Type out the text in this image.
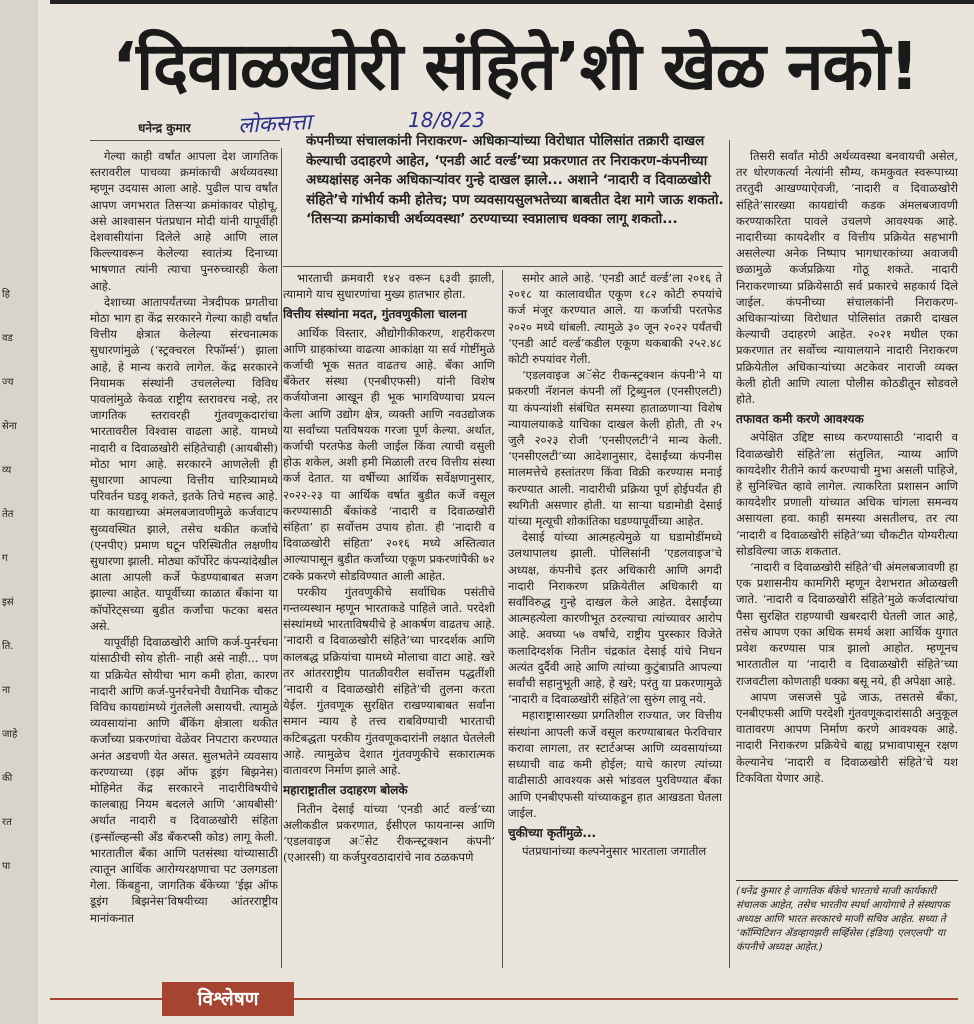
हि
वड
ज्य
सेना
व्य
तेत
ग
इसं
ति.
ना
जाहे
की
रत
पा
‘दिवाळखोरी संहिते’शी खेळ नको!
धनेन्द्र कुमार लोकसत्ता	18/8/23
कंपनीच्या संचालकांनी निराकरण- अधिकाऱ्यांच्या विरोधात पोलिसांत तक्रारी दाखल केल्याची उदाहरणे आहेत, ‘एनडी आर्ट वर्ल्ड’च्या प्रकरणात तर निराकरण-कंपनीच्या अध्यक्षांसह अनेक अधिकाऱ्यांवर गुन्हे दाखल झाले... अशाने ‘नादारी व दिवाळखोरी संहिते’चे गांभीर्य कमी होतेच; पण व्यवसायसुलभतेच्या बाबतीत देश मागे जाऊ शकतो. ‘तिसऱ्या क्रमांकाची अर्थव्यवस्था’ ठरण्याच्या स्वप्नालाच धक्का लागू शकतो...

गेल्या काही वर्षांत आपला देश जागतिक स्तरावरील पाचव्या क्रमांकाची अर्थव्यवस्था म्हणून उदयास आला आहे. पुढील पाच वर्षांत आपण जगभरात तिसऱ्या क्रमांकावर पोहोचू, असे आश्वासन पंतप्रधान मोदी यांनी यापूर्वीही देशवासीयांना दिलेले आहे आणि लाल किल्ल्यावरून केलेल्या स्वातंत्र्य दिनाच्या भाषणात त्यांनी त्याचा पुनरुच्चारही केला आहे.

देशाच्या आतापर्यंतच्या नेत्रदीपक प्रगतीचा मोठा भाग हा केंद्र सरकारने गेल्या काही वर्षांत वित्तीय क्षेत्रात केलेल्या संरचनात्मक सुधारणांमुळे (‘स्ट्रक्चरल रिफॉर्म्स’) झाला आहे, हे मान्य करावे लागेल. केंद्र सरकारने नियामक संस्थांनी उचललेल्या विविध पावलांमुळे केवळ राष्ट्रीय स्तरावरच नव्हे, तर जागतिक स्तरावरही गुंतवणूकदारांचा भारतावरील विश्वास वाढला आहे. यामध्ये नादारी व दिवाळखोरी संहितेचाही (आयबीसी) मोठा भाग आहे. सरकारने आणलेली ही सुधारणा आपल्या वित्तीय चारित्र्यामध्ये परिवर्तन घडवू शकते, इतके तिचे महत्त्व आहे. या कायद्याच्या अंमलबजावणीमुळे कर्जवाटप सुव्यवस्थित झाले, तसेच थकीत कर्जांचे (एनपीए) प्रमाण घटून परिस्थितीत लक्षणीय सुधारणा झाली. मोठ्या कॉर्पोरेट कंपन्यांदेखील आता आपली कर्जे फेडण्याबाबत सजग झाल्या आहेत. यापूर्वीच्या काळात बँकांना या कॉर्पोरेट्सच्या बुडीत कर्जांचा फटका बसत असे.

यापूर्वीही दिवाळखोरी आणि कर्ज-पुनर्रचना यांसाठीची सोय होती- नाही असे नाही... पण या प्रक्रियेत सोयीचा भाग कमी होता, कारण नादारी आणि कर्ज-पुनर्रचनेची वैधानिक चौकट विविध कायद्यांमध्ये गुंतलेली असायची. त्यामुळे व्यवसायांना आणि बँकिंग क्षेत्राला थकीत कर्जांच्या प्रकरणांचा वेळेवर निपटारा करण्यात अनंत अडचणी येत असत. सुलभतेने व्यवसाय करण्याच्या (इझ ऑफ डूइंग बिझनेस) मोहिमेत केंद्र सरकारने नादारीविषयीचे कालबाह्य नियम बदलले आणि ‘आयबीसी’ अर्थात नादारी व दिवाळखोरी संहिता (इन्सॉल्व्हन्सी अँड बँकरप्सी कोड) लागू केली. भारतातील बँका आणि पतसंस्था यांच्यासाठी त्यातून आर्थिक आरोग्यरक्षणाचा पट उलगडला गेला. किंबहुना, जागतिक बँकेच्या ‘ईझ ऑफ डूइंग बिझनेस’विषयीच्या आंतरराष्ट्रीय मानांकनात

भारताची क्रमवारी १४२ वरून ६३वी झाली, त्यामागे याच सुधारणांचा मुख्य हातभार होता.

वित्तीय संस्थांना मदत, गुंतवणुकीला चालना

आर्थिक विस्तार, औद्योगीकीकरण, शहरीकरण आणि ग्राहकांच्या वाढत्या आकांक्षा या सर्व गोष्टींमुळे कर्जाची भूक सतत वाढतच आहे. बँका आणि बँकेतर संस्था (एनबीएफसी) यांनी विशेष कर्जयोजना आखून ही भूक भागविण्याचा प्रयत्न केला आणि उद्योग क्षेत्र, व्यक्ती आणि नवउद्योजक या सर्वांच्या पतविषयक गरजा पूर्ण केल्या. अर्थात, कर्जाची परतफेड केली जाईल किंवा त्याची वसुली होऊ शकेल, अशी हमी मिळाली तरच वित्तीय संस्था कर्ज देतात. या वर्षीच्या आर्थिक सर्वेक्षणानुसार, २०२२-२३ या आर्थिक वर्षात बुडीत कर्जे वसूल करण्यासाठी बँकांकडे ‘नादारी व दिवाळखोरी संहिता’ हा सर्वोत्तम उपाय होता. ही ‘नादारी व दिवाळखोरी संहिता’ २०१६ मध्ये अस्तित्वात आल्यापासून बुडीत कर्जांच्या एकूण प्रकरणांपैकी ७२ टक्के प्रकरणे सोडविण्यात आली आहेत.

परकीय गुंतवणुकीचे सर्वाधिक पसंतीचे गन्तव्यस्थान म्हणून भारताकडे पाहिले जाते. परदेशी संस्थांमध्ये भारताविषयीचे हे आकर्षण वाढतच आहे. ‘नादारी व दिवाळखोरी संहिते’च्या पारदर्शक आणि कालबद्ध प्रक्रियांचा यामध्ये मोलाचा वाटा आहे. खरे तर आंतरराष्ट्रीय पातळीवरील सर्वोत्तम पद्धतींशी ‘नादारी व दिवाळखोरी संहिते’ची तुलना करता येईल. गुंतवणूक सुरक्षित राखण्याबाबत सर्वांना समान न्याय हे तत्त्व राबविण्याची भारताची कटिबद्धता परकीय गुंतवणूकदारांनी लक्षात घेतलेली आहे. त्यामुळेच देशात गुंतवणुकीचे सकारात्मक वातावरण निर्माण झाले आहे.

महाराष्ट्रातील उदाहरण बोलके

नितीन देसाई यांच्या ‘एनडी आर्ट वर्ल्ड’च्या अलीकडील प्रकरणात, ईसीएल फायनान्स आणि ‘एडलवाइज अॅसेट रीकन्स्ट्रक्शन कंपनी’ (एआरसी) या कर्जपुरवठादारांचे नाव ठळकपणे

समोर आले आहे. ‘एनडी आर्ट वर्ल्ड’ला २०१६ ते २०१८ या कालावधीत एकूण १८२ कोटी रुपयांचे कर्ज मंजूर करण्यात आले. या कर्जाची परतफेड २०२० मध्ये थांबली. त्यामुळे ३० जून २०२२ पर्यंतची ‘एनडी आर्ट वर्ल्ड’कडील एकूण थकबाकी २५२.४८ कोटी रुपयांवर गेली.

‘एडलवाइज अॅसेट रीकन्स्ट्रक्शन कंपनी’ने या प्रकरणी नॅशनल कंपनी लॉ ट्रिब्युनल (एनसीएलटी) या कंपन्यांशी संबंधित समस्या हाताळणाऱ्या विशेष न्यायालयाकडे याचिका दाखल केली होती, ती २५ जुलै २०२३ रोजी ‘एनसीएलटी’ने मान्य केली. ‘एनसीएलटी’च्या आदेशानुसार, देसाईंच्या कंपनीस मालमत्तेचे हस्तांतरण किंवा विक्री करण्यास मनाई करण्यात आली. नादारीची प्रक्रिया पूर्ण होईपर्यंत ही स्थगिती असणार होती. या साऱ्या घडामोडी देसाई यांच्या मृत्यूची शोकांतिका घडण्यापूर्वीच्या आहेत.

देसाई यांच्या आत्महत्येमुळे या घडामोडींमध्ये उलथापालथ झाली. पोलिसांनी ‘एडलवाइज’चे अध्यक्ष, कंपनीचे इतर अधिकारी आणि अगदी नादारी निराकरण प्रक्रियेतील अधिकारी या सर्वांविरुद्ध गुन्हे दाखल केले आहेत. देसाईंच्या आत्महत्येला कारणीभूत ठरल्याचा त्यांच्यावर आरोप आहे. अवघ्या ५७ वर्षांचे, राष्ट्रीय पुरस्कार विजेते कलादिग्दर्शक नितीन चंद्रकांत देसाई यांचे निधन अत्यंत दुर्दैवी आहे आणि त्यांच्या कुटुंबाप्रति आपल्या सर्वांची सहानुभूती आहे, हे खरे; परंतु या प्रकरणामुळे ‘नादारी व दिवाळखोरी संहिते’ला सुरुंग लावू नये.

महाराष्ट्रासारख्या प्रगतिशील राज्यात, जर वित्तीय संस्थांना आपली कर्जे वसूल करण्याबाबत फेरविचार करावा लागला, तर स्टार्टअप्स आणि व्यवसायांच्या सध्याची वाढ कमी होईल; याचे कारण त्यांच्या वाढीसाठी आवश्यक असे भांडवल पुरविण्यात बँका आणि एनबीएफसी यांच्याकडून हात आखडता घेतला जाईल.

चुकीच्या कृतींमुळे...

पंतप्रधानांच्या कल्पनेनुसार भारताला जगातील

तिसरी सर्वांत मोठी अर्थव्यवस्था बनवायची असेल, तर धोरणकर्त्या नेत्यांनी सौम्य, कमकुवत स्वरूपाच्या तरतुदी आखण्याऐवजी, ‘नादारी व दिवाळखोरी संहिते’सारख्या कायद्यांची कडक अंमलबजावणी करण्याकरिता पावले उचलणे आवश्यक आहे. नादारीच्या कायदेशीर व वित्तीय प्रक्रियेत सहभागी असलेल्या अनेक निष्पाप भागधारकांच्या अवाजवी छळामुळे कर्जप्रक्रिया गोठू शकते. नादारी निराकरणाच्या प्रक्रियेसाठी सर्व प्रकारचे सहकार्य दिले जाईल. कंपनीच्या संचालकांनी निराकरण- अधिकाऱ्यांच्या विरोधात पोलिसांत तक्रारी दाखल केल्याची उदाहरणे आहेत. २०२१ मधील एका प्रकरणात तर सर्वोच्च न्यायालयाने नादारी निराकरण प्रक्रियेतील अधिकाऱ्यांच्या अटकेवर नाराजी व्यक्त केली होती आणि त्याला पोलीस कोठडीतून सोडवले होते.

तफावत कमी करणे आवश्यक

अपेक्षित उद्दिष्ट साध्य करण्यासाठी ‘नादारी व दिवाळखोरी संहिते’ला संतुलित, न्याय्य आणि कायदेशीर रीतीने कार्य करण्याची मुभा असली पाहिजे, हे सुनिश्चित व्हावे लागेल. त्याकरिता प्रशासन आणि कायदेशीर प्रणाली यांच्यात अधिक चांगला समन्वय असायला हवा. काही समस्या असतीलच, तर त्या ‘नादारी व दिवाळखोरी संहिते’च्या चौकटीत योग्यरीत्या सोडविल्या जाऊ शकतात.

‘नादारी व दिवाळखोरी संहिते’ची अंमलबजावणी हा एक प्रशासनीय कामगिरी म्हणून देशभरात ओळखली जाते. ‘नादारी व दिवाळखोरी संहिते’मुळे कर्जदात्यांचा पैसा सुरक्षित राहण्याची खबरदारी घेतली जात आहे, तसेच आपण एका अधिक समर्थ अशा आर्थिक युगात प्रवेश करण्यास पात्र झालो आहोत. म्हणूनच भारतातील या ‘नादारी व दिवाळखोरी संहिते’च्या राजवटीला कोणताही धक्का बसू नये, ही अपेक्षा आहे.

आपण जसजसे पुढे जाऊ, तसतसे बँका, एनबीएफसी आणि परदेशी गुंतवणूकदारांसाठी अनुकूल वातावरण आपण निर्माण करणे आवश्यक आहे. नादारी निराकरण प्रक्रियेचे बाह्य प्रभावापासून रक्षण केल्यानेच ‘नादारी व दिवाळखोरी संहिते’चे यश टिकविता येणार आहे.

(धनेंद्र कुमार हे जागतिक बँकेचे भारताचे माजी कार्यकारी संचालक आहेत, तसेच भारतीय स्पर्धा आयोगाचे ते संस्थापक अध्यक्ष आणि भारत सरकारचे माजी सचिव आहेत. सध्या ते ‘कॉम्पिटिशन ॲडव्हायझरी सर्व्हिसेस (इंडिया) एलएलपी’ या कंपनीचे अध्यक्ष आहेत.)
विश्लेषण
